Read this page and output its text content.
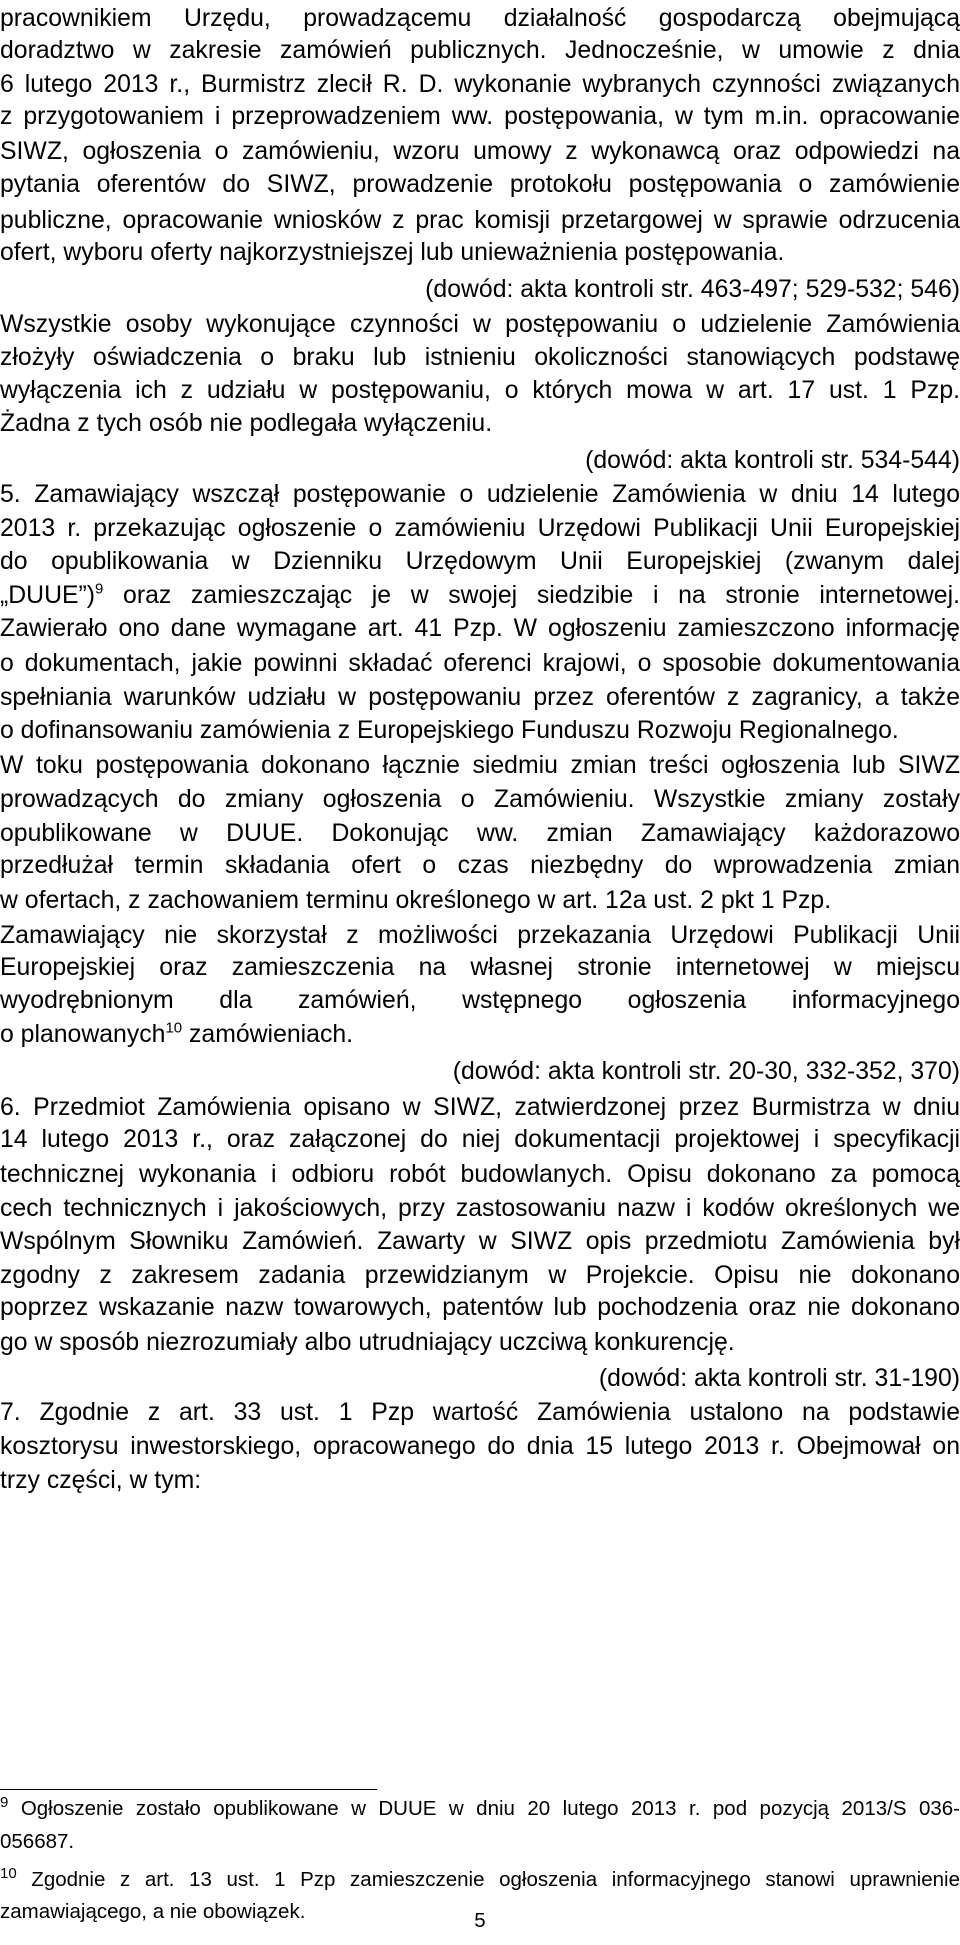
pracownikiem Urzędu, prowadzącemu działalność gospodarczą obejmującą
doradztwo w zakresie zamówień publicznych. Jednocześnie, w umowie z dnia
6 lutego 2013 r., Burmistrz zlecił R. D. wykonanie wybranych czynności związanych
z przygotowaniem i przeprowadzeniem ww. postępowania, w tym m.in. opracowanie
SIWZ, ogłoszenia o zamówieniu, wzoru umowy z wykonawcą oraz odpowiedzi na
pytania oferentów do SIWZ, prowadzenie protokołu postępowania o zamówienie
publiczne, opracowanie wniosków z prac komisji przetargowej w sprawie odrzucenia
ofert, wyboru oferty najkorzystniejszej lub unieważnienia postępowania.
(dowód: akta kontroli str. 463-497; 529-532; 546)
Wszystkie osoby wykonujące czynności w postępowaniu o udzielenie Zamówienia
złożyły oświadczenia o braku lub istnieniu okoliczności stanowiących podstawę
wyłączenia ich z udziału w postępowaniu, o których mowa w art. 17 ust. 1 Pzp.
Żadna z tych osób nie podlegała wyłączeniu.
(dowód: akta kontroli str. 534-544)
5. Zamawiający wszczął postępowanie o udzielenie Zamówienia w dniu 14 lutego
2013 r. przekazując ogłoszenie o zamówieniu Urzędowi Publikacji Unii Europejskiej
do opublikowania w Dzienniku Urzędowym Unii Europejskiej (zwanym dalej
„DUUE”)$^9$ oraz zamieszczając je w swojej siedzibie i na stronie internetowej.
Zawierało ono dane wymagane art. 41 Pzp. W ogłoszeniu zamieszczono informację
o dokumentach, jakie powinni składać oferenci krajowi, o sposobie dokumentowania
spełniania warunków udziału w postępowaniu przez oferentów z zagranicy, a także
o dofinansowaniu zamówienia z Europejskiego Funduszu Rozwoju Regionalnego.
W toku postępowania dokonano łącznie siedmiu zmian treści ogłoszenia lub SIWZ
prowadzących do zmiany ogłoszenia o Zamówieniu. Wszystkie zmiany zostały
opublikowane w DUUE. Dokonując ww. zmian Zamawiający każdorazowo
przedłużał termin składania ofert o czas niezbędny do wprowadzenia zmian
w ofertach, z zachowaniem terminu określonego w art. 12a ust. 2 pkt 1 Pzp.
Zamawiający nie skorzystał z możliwości przekazania Urzędowi Publikacji Unii
Europejskiej oraz zamieszczenia na własnej stronie internetowej w miejscu
wyodrębnionym dla zamówień, wstępnego ogłoszenia informacyjnego
o planowanych$^{10}$ zamówieniach.
(dowód: akta kontroli str. 20-30, 332-352, 370)
6. Przedmiot Zamówienia opisano w SIWZ, zatwierdzonej przez Burmistrza w dniu
14 lutego 2013 r., oraz załączonej do niej dokumentacji projektowej i specyfikacji
technicznej wykonania i odbioru robót budowlanych. Opisu dokonano za pomocą
cech technicznych i jakościowych, przy zastosowaniu nazw i kodów określonych we
Wspólnym Słowniku Zamówień. Zawarty w SIWZ opis przedmiotu Zamówienia był
zgodny z zakresem zadania przewidzianym w Projekcie. Opisu nie dokonano
poprzez wskazanie nazw towarowych, patentów lub pochodzenia oraz nie dokonano
go w sposób niezrozumiały albo utrudniający uczciwą konkurencję.
(dowód: akta kontroli str. 31-190)
7. Zgodnie z art. 33 ust. 1 Pzp wartość Zamówienia ustalono na podstawie
kosztorysu inwestorskiego, opracowanego do dnia 15 lutego 2013 r. Obejmował on
trzy części, w tym:
$^9$ Ogłoszenie zostało opublikowane w DUUE w dniu 20 lutego 2013 r. pod pozycją 2013/S 036-
056687.
$^{10}$ Zgodnie z art. 13 ust. 1 Pzp zamieszczenie ogłoszenia informacyjnego stanowi uprawnienie
zamawiającego, a nie obowiązek.	5
